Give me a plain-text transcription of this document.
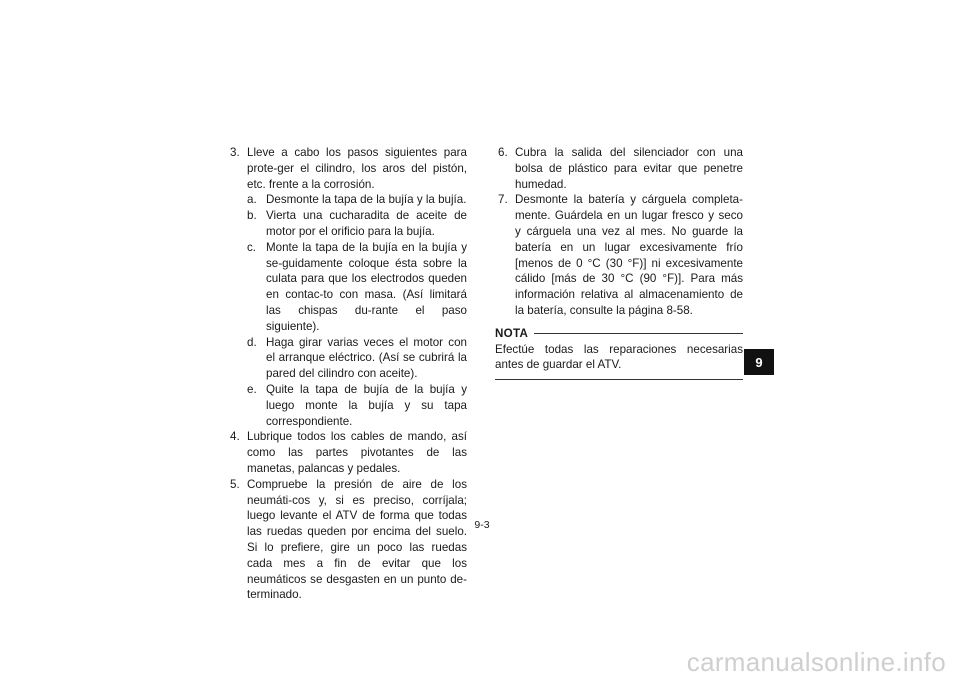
3. Lleve a cabo los pasos siguientes para prote-ger el cilindro, los aros del pistón, etc. frente a la corrosión.
a. Desmonte la tapa de la bujía y la bujía.
b. Vierta una cucharadita de aceite de motor por el orificio para la bujía.
c. Monte la tapa de la bujía en la bujía y se-guidamente coloque ésta sobre la culata para que los electrodos queden en contac-to con masa. (Así limitará las chispas du-rante el paso siguiente).
d. Haga girar varias veces el motor con el arranque eléctrico. (Así se cubrirá la pared del cilindro con aceite).
e. Quite la tapa de bujía de la bujía y luego monte la bujía y su tapa correspondiente.
4. Lubrique todos los cables de mando, así como las partes pivotantes de las manetas, palancas y pedales.
5. Compruebe la presión de aire de los neumáti-cos y, si es preciso, corríjala; luego levante el ATV de forma que todas las ruedas queden por encima del suelo. Si lo prefiere, gire un poco las ruedas cada mes a fin de evitar que los neumáticos se desgasten en un punto de-terminado.
6. Cubra la salida del silenciador con una bolsa de plástico para evitar que penetre humedad.
7. Desmonte la batería y cárguela completa-mente. Guárdela en un lugar fresco y seco y cárguela una vez al mes. No guarde la batería en un lugar excesivamente frío [menos de 0 °C (30 °F)] ni excesivamente cálido [más de 30 °C (90 °F)]. Para más información relativa al almacenamiento de la batería, consulte la página 8-58.
NOTA
Efectúe todas las reparaciones necesarias antes de guardar el ATV.	9
9-3
carmanualsonline.info
